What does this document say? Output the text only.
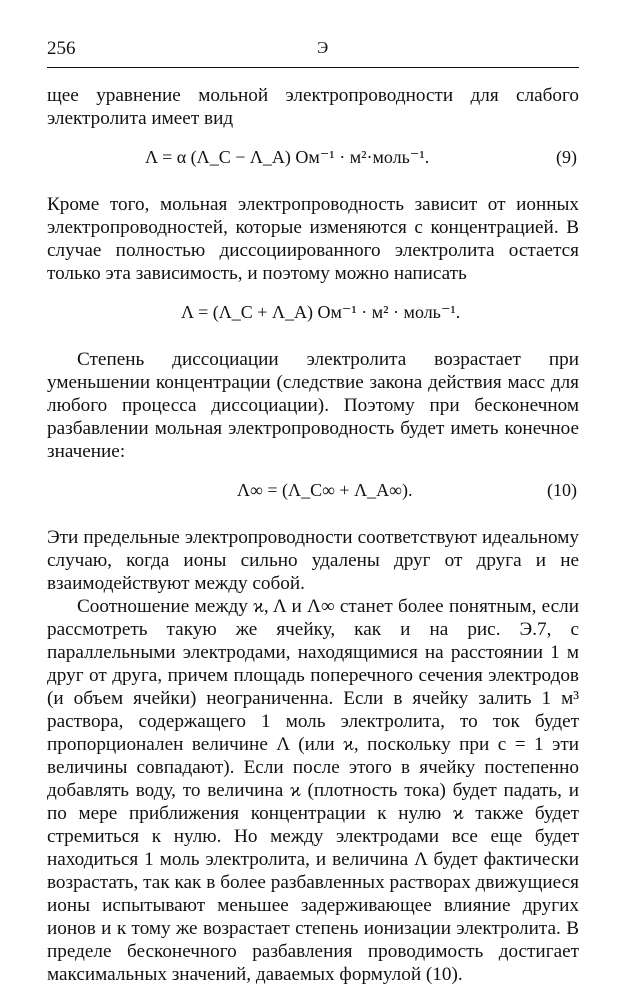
256	Э

щее уравнение мольной электропроводности для слабого электролита имеет вид

Λ = α (Λ_C − Λ_A) Ом⁻¹ · м²·моль⁻¹.	(9)

Кроме того, мольная электропроводность зависит от ионных электропроводностей, которые изменяются с концентрацией. В случае полностью диссоциированного электролита остается только эта зависимость, и поэтому можно написать

Λ = (Λ_C + Λ_A) Ом⁻¹ · м² · моль⁻¹.

Степень диссоциации электролита возрастает при уменьшении концентрации (следствие закона действия масс для любого процесса диссоциации). Поэтому при бесконечном разбавлении мольная электропроводность будет иметь конечное значение:

Λ∞ = (Λ_C∞ + Λ_A∞).	(10)

Эти предельные электропроводности соответствуют идеальному случаю, когда ионы сильно удалены друг от друга и не взаимодействуют между собой.

Соотношение между ϰ, Λ и Λ∞ станет более понятным, если рассмотреть такую же ячейку, как и на рис. Э.7, с параллельными электродами, находящимися на расстоянии 1 м друг от друга, причем площадь поперечного сечения электродов (и объем ячейки) неограниченна. Если в ячейку залить 1 м³ раствора, содержащего 1 моль электролита, то ток будет пропорционален величине Λ (или ϰ, поскольку при c = 1 эти величины совпадают). Если после этого в ячейку постепенно добавлять воду, то величина ϰ (плотность тока) будет падать, и по мере приближения концентрации к нулю ϰ также будет стремиться к нулю. Но между электродами все еще будет находиться 1 моль электролита, и величина Λ будет фактически возрастать, так как в более разбавленных растворах движущиеся ионы испытывают меньшее задерживающее влияние других ионов и к тому же возрастает степень ионизации электролита. В пределе бесконечного разбавления проводимость достигает максимальных значений, даваемых формулой (10).
